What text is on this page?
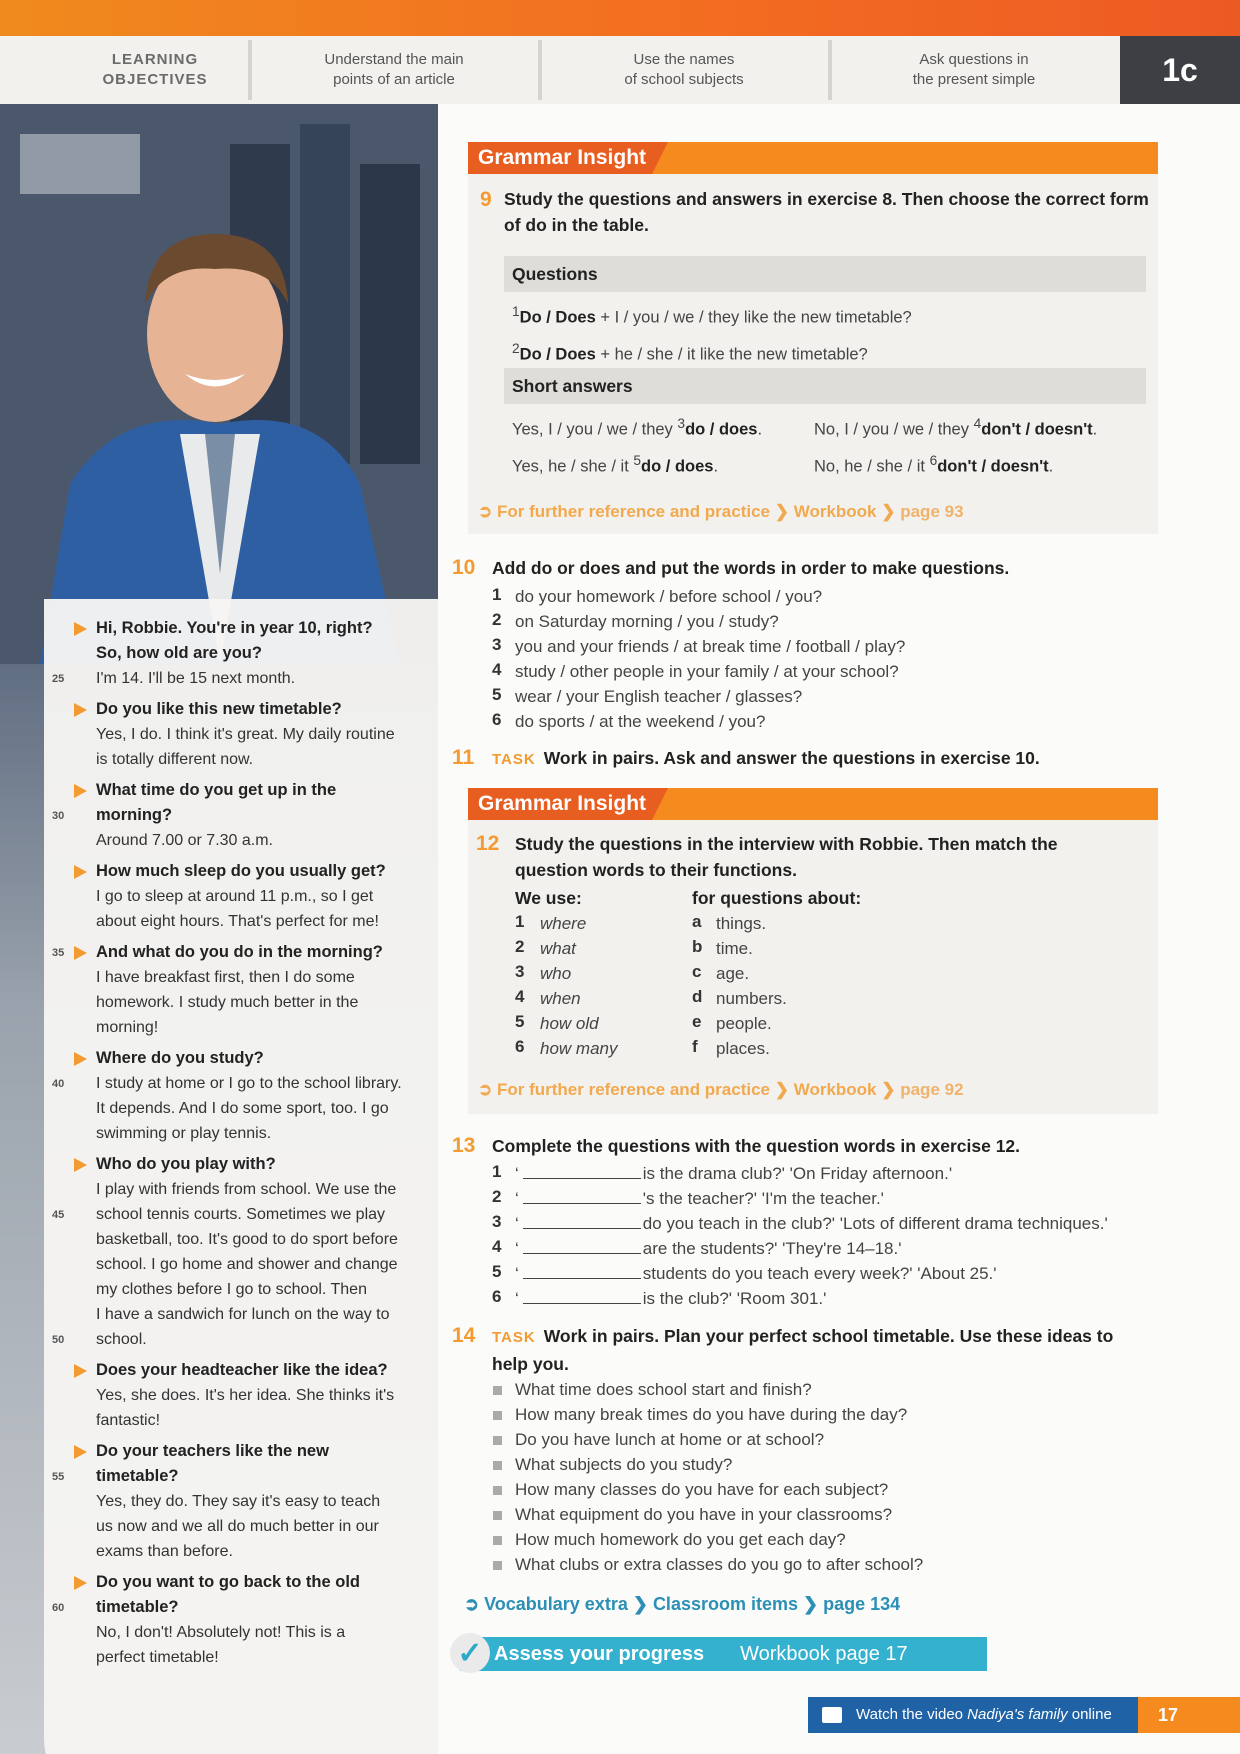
LEARNING
OBJECTIVES
Understand the main
points of an article
Use the names
of school subjects
Ask questions in
the present simple	1c
Hi, Robbie. You're in year 10, right?
So, how old are you?
I'm 14. I'll be 15 next month.
25
Do you like this new timetable?
Yes, I do. I think it's great. My daily routine
is totally different now.
What time do you get up in the
morning?
30
Around 7.00 or 7.30 a.m.
How much sleep do you usually get?
I go to sleep at around 11 p.m., so I get
about eight hours. That's perfect for me!
And what do you do in the morning?
35
I have breakfast first, then I do some
homework. I study much better in the
morning!
Where do you study?
I study at home or I go to the school library.
40
It depends. And I do some sport, too. I go
swimming or play tennis.
Who do you play with?
I play with friends from school. We use the
school tennis courts. Sometimes we play
45
basketball, too. It's good to do sport before
school. I go home and shower and change
my clothes before I go to school. Then
I have a sandwich for lunch on the way to
school.
50
Does your headteacher like the idea?
Yes, she does. It's her idea. She thinks it's
fantastic!
Do your teachers like the new
timetable?
55
Yes, they do. They say it's easy to teach
us now and we all do much better in our
exams than before.
Do you want to go back to the old
timetable?
60
No, I don't! Absolutely not! This is a
perfect timetable!
Grammar Insight
9 Study the questions and answers in exercise 8. Then choose the correct form of do in the table.
Questions
$^1$Do / Does + I / you / we / they like the new timetable?
$^2$Do / Does + he / she / it like the new timetable?
Short answers
Yes, I / you / we / they $^3$do / does.	No, I / you / we / they $^4$don't / doesn't.
Yes, he / she / it $^5$do / does.	No, he / she / it $^6$don't / doesn't.
➲ For further reference and practice ❯ Workbook ❯ page 93
10 Add do or does and put the words in order to make questions.
1 do your homework / before school / you?
2 on Saturday morning / you / study?
3 you and your friends / at break time / football / play?
4 study / other people in your family / at your school?
5 wear / your English teacher / glasses?
6 do sports / at the weekend / you?
11 TASK Work in pairs. Ask and answer the questions in exercise 10.
Grammar Insight
12 Study the questions in the interview with Robbie. Then match the question words to their functions.
We use:	for questions about:
1 where	a things.
2 what	b time.
3 who	c age.
4 when	d numbers.
5 how old	e people.
6 how many	f places.
➲ For further reference and practice ❯ Workbook ❯ page 92
13 Complete the questions with the question words in exercise 12.
1 ‘	is the drama club?' 'On Friday afternoon.'
2 ‘	's the teacher?' 'I'm the teacher.'
3 ‘	do you teach in the club?' 'Lots of different drama techniques.'
4 ‘	are the students?' 'They're 14–18.'
5 ‘	students do you teach every week?' 'About 25.'
6 ‘	is the club?' 'Room 301.'
14 TASK Work in pairs. Plan your perfect school timetable. Use these ideas to help you.
What time does school start and finish?
How many break times do you have during the day?
Do you have lunch at home or at school?
What subjects do you study?
How many classes do you have for each subject?
What equipment do you have in your classrooms?
How much homework do you get each day?
What clubs or extra classes do you go to after school?
➲ Vocabulary extra ❯ Classroom items ❯ page 134
Assess your progress Workbook page 17
✓
Watch the video Nadiya's family online	17
